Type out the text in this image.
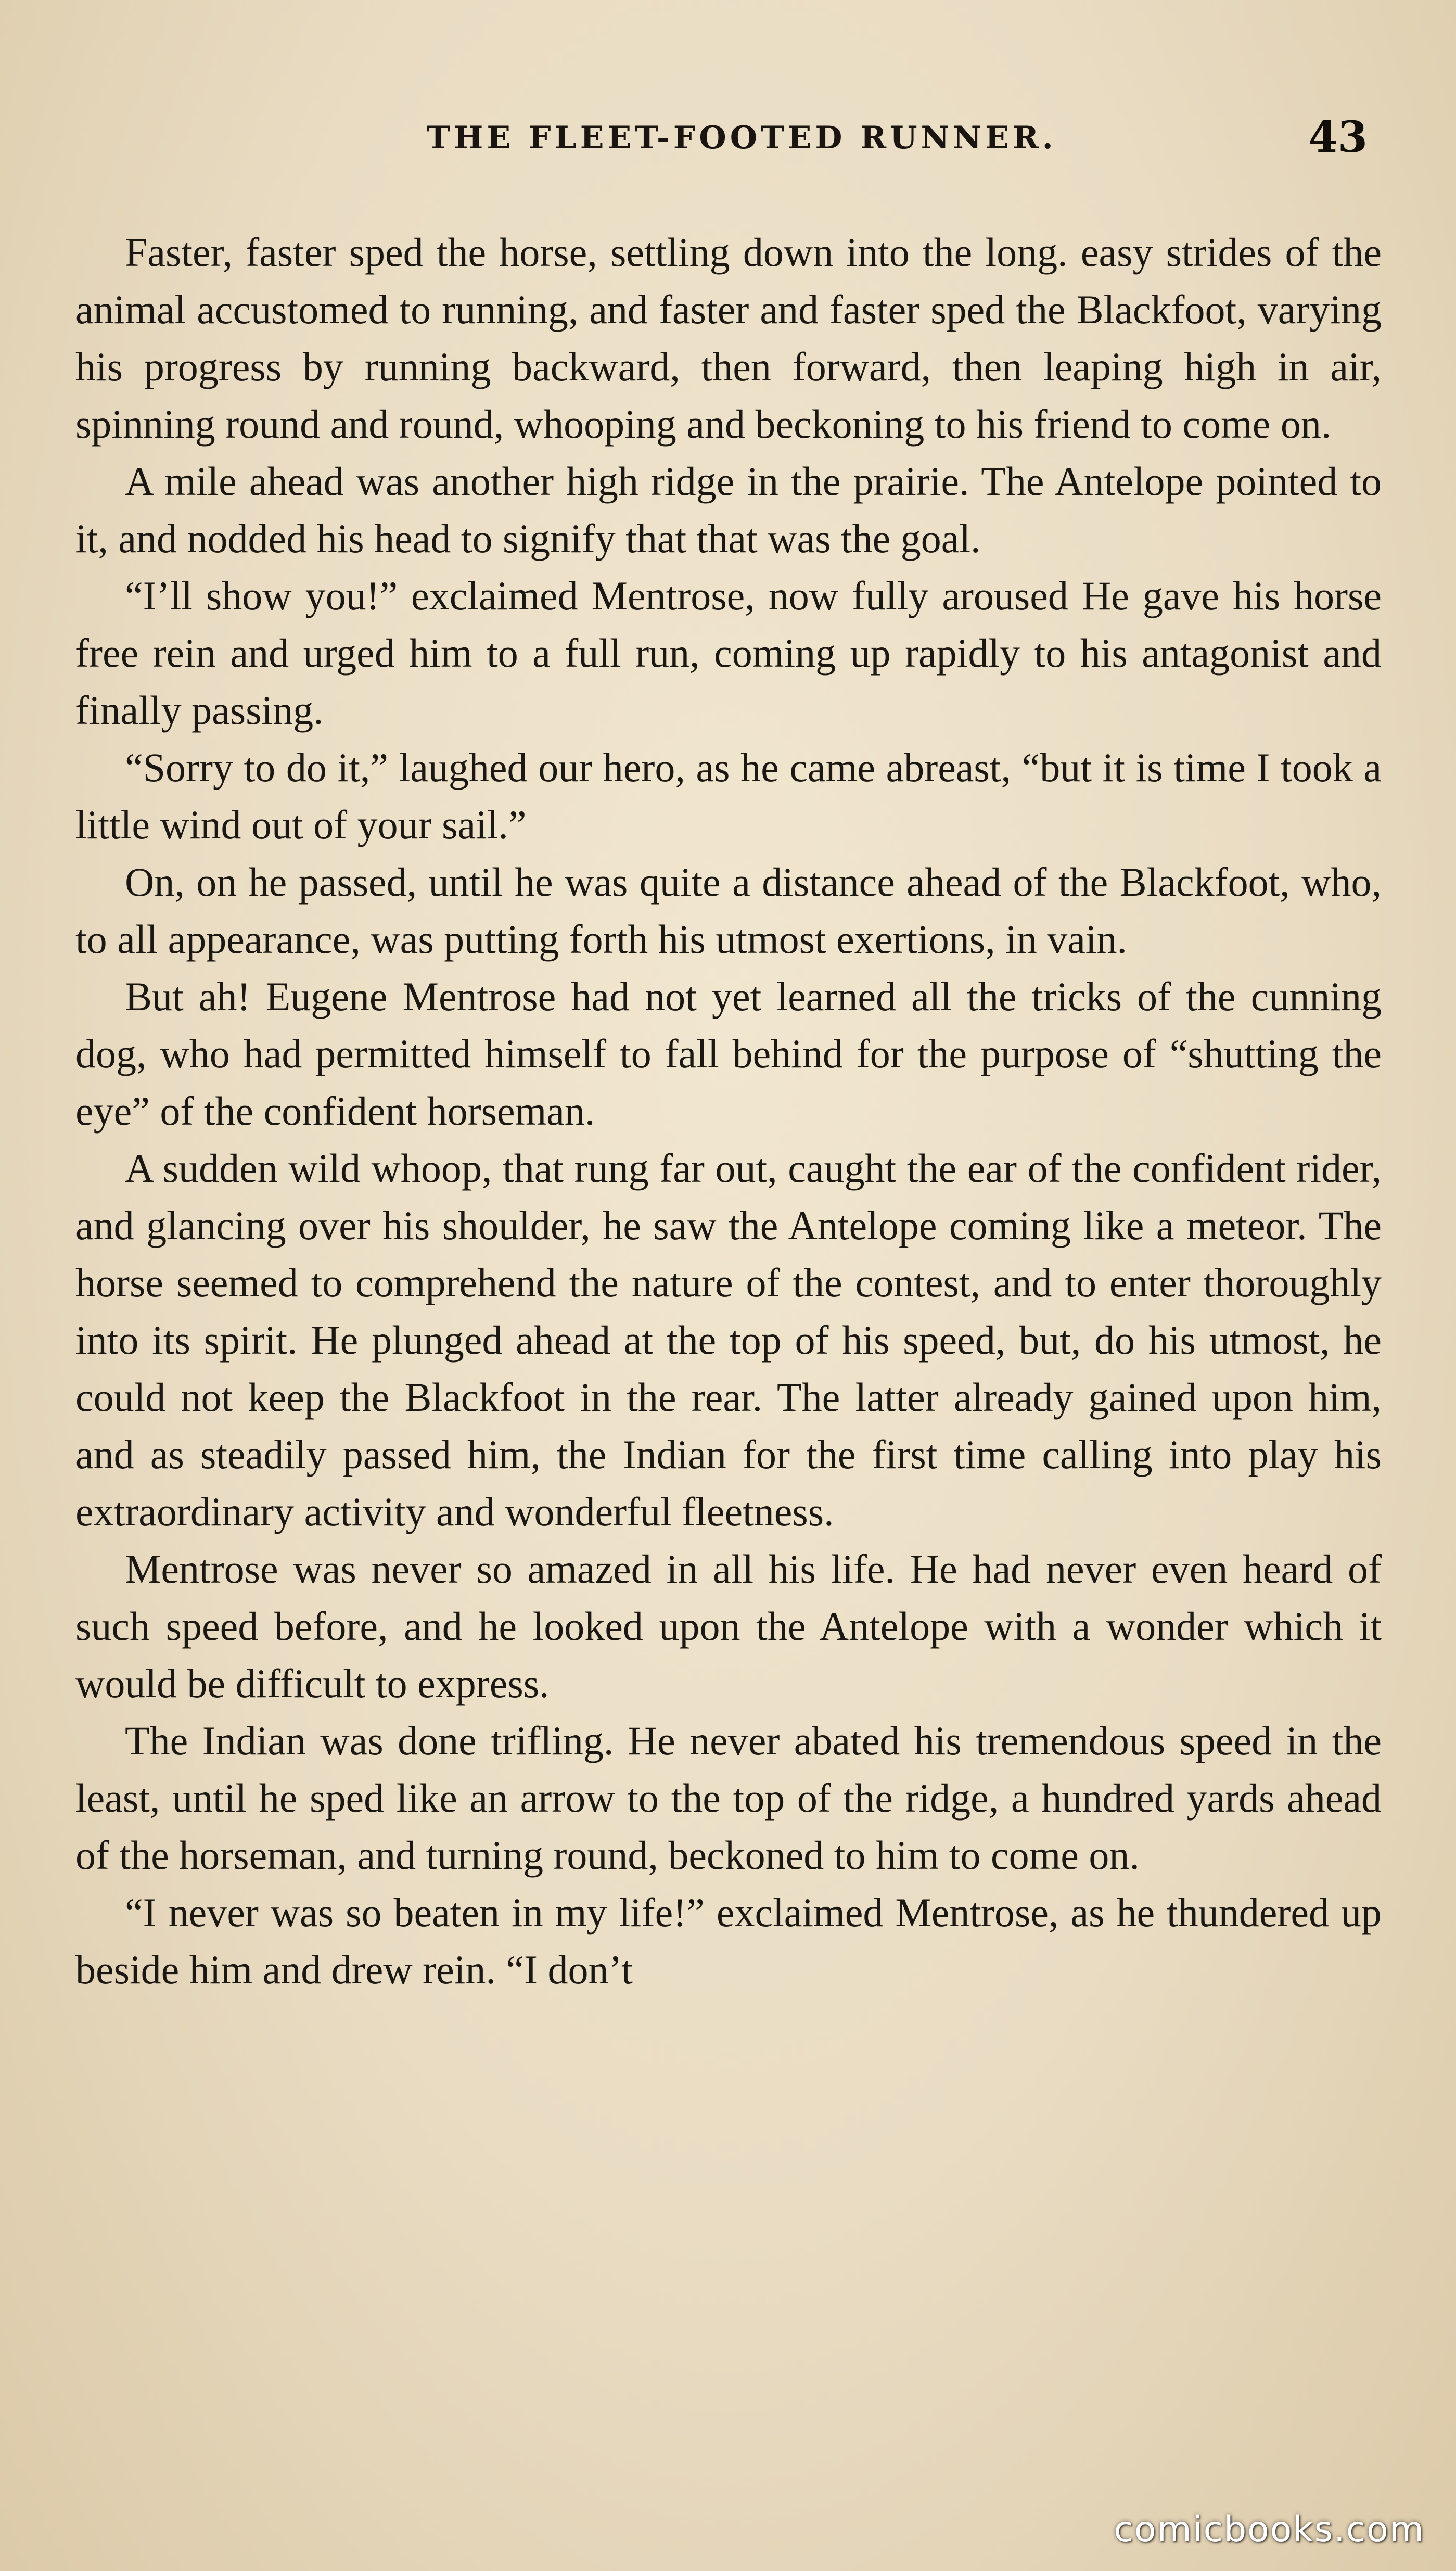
THE FLEET-FOOTED RUNNER.	43

Faster, faster sped the horse, settling down into the long. easy strides of the animal accustomed to running, and faster and faster sped the Blackfoot, varying his progress by running backward, then forward, then leaping high in air, spinning round and round, whooping and beckoning to his friend to come on.

A mile ahead was another high ridge in the prairie. The Antelope pointed to it, and nodded his head to signify that that was the goal.

“I’ll show you!” exclaimed Mentrose, now fully aroused He gave his horse free rein and urged him to a full run, coming up rapidly to his antagonist and finally passing.

“Sorry to do it,” laughed our hero, as he came abreast, “but it is time I took a little wind out of your sail.”

On, on he passed, until he was quite a distance ahead of the Blackfoot, who, to all appearance, was putting forth his utmost exertions, in vain.

But ah! Eugene Mentrose had not yet learned all the tricks of the cunning dog, who had permitted himself to fall behind for the purpose of “shutting the eye” of the confident horseman.

A sudden wild whoop, that rung far out, caught the ear of the confident rider, and glancing over his shoulder, he saw the Antelope coming like a meteor. The horse seemed to comprehend the nature of the contest, and to enter thoroughly into its spirit. He plunged ahead at the top of his speed, but, do his utmost, he could not keep the Blackfoot in the rear. The latter already gained upon him, and as steadily passed him, the Indian for the first time calling into play his extraordinary activity and wonderful fleetness.

Mentrose was never so amazed in all his life. He had never even heard of such speed before, and he looked upon the Antelope with a wonder which it would be difficult to express.

The Indian was done trifling. He never abated his tremendous speed in the least, until he sped like an arrow to the top of the ridge, a hundred yards ahead of the horseman, and turning round, beckoned to him to come on.

“I never was so beaten in my life!” exclaimed Mentrose, as he thundered up beside him and drew rein. “I don’t

comicbooks.com
